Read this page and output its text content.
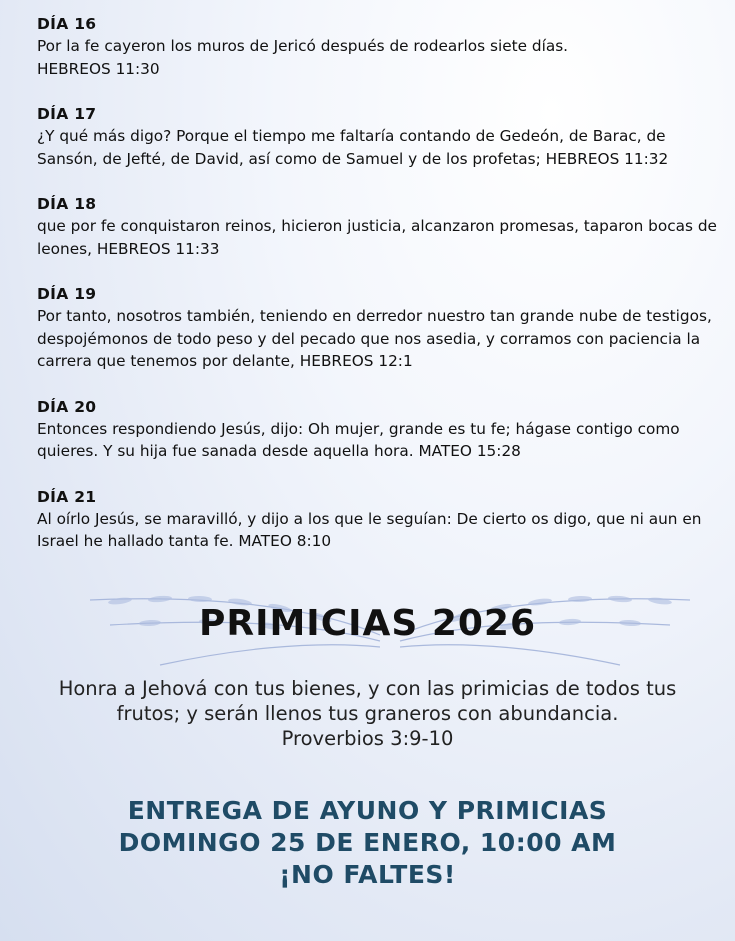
DÍA 16
Por la fe cayeron los muros de Jericó después de rodearlos siete días. HEBREOS 11:30
DÍA 17
¿Y qué más digo? Porque el tiempo me faltaría contando de Gedeón, de Barac, de Sansón, de Jefté, de David, así como de Samuel y de los profetas; HEBREOS 11:32
DÍA 18
que por fe conquistaron reinos, hicieron justicia, alcanzaron promesas, taparon bocas de leones, HEBREOS 11:33
DÍA 19
Por tanto, nosotros también, teniendo en derredor nuestro tan grande nube de testigos, despojémonos de todo peso y del pecado que nos asedia, y corramos con paciencia la carrera que tenemos por delante, HEBREOS 12:1
DÍA 20
Entonces respondiendo Jesús, dijo: Oh mujer, grande es tu fe; hágase contigo como quieres. Y su hija fue sanada desde aquella hora. MATEO 15:28
DÍA 21
Al oírlo Jesús, se maravilló, y dijo a los que le seguían: De cierto os digo, que ni aun en Israel he hallado tanta fe. MATEO 8:10
PRIMICIAS 2026
Honra a Jehová con tus bienes, y con las primicias de todos tus
frutos; y serán llenos tus graneros con abundancia.
Proverbios 3:9-10
ENTREGA DE AYUNO Y PRIMICIAS
DOMINGO 25 DE ENERO, 10:00 AM
¡NO FALTES!
